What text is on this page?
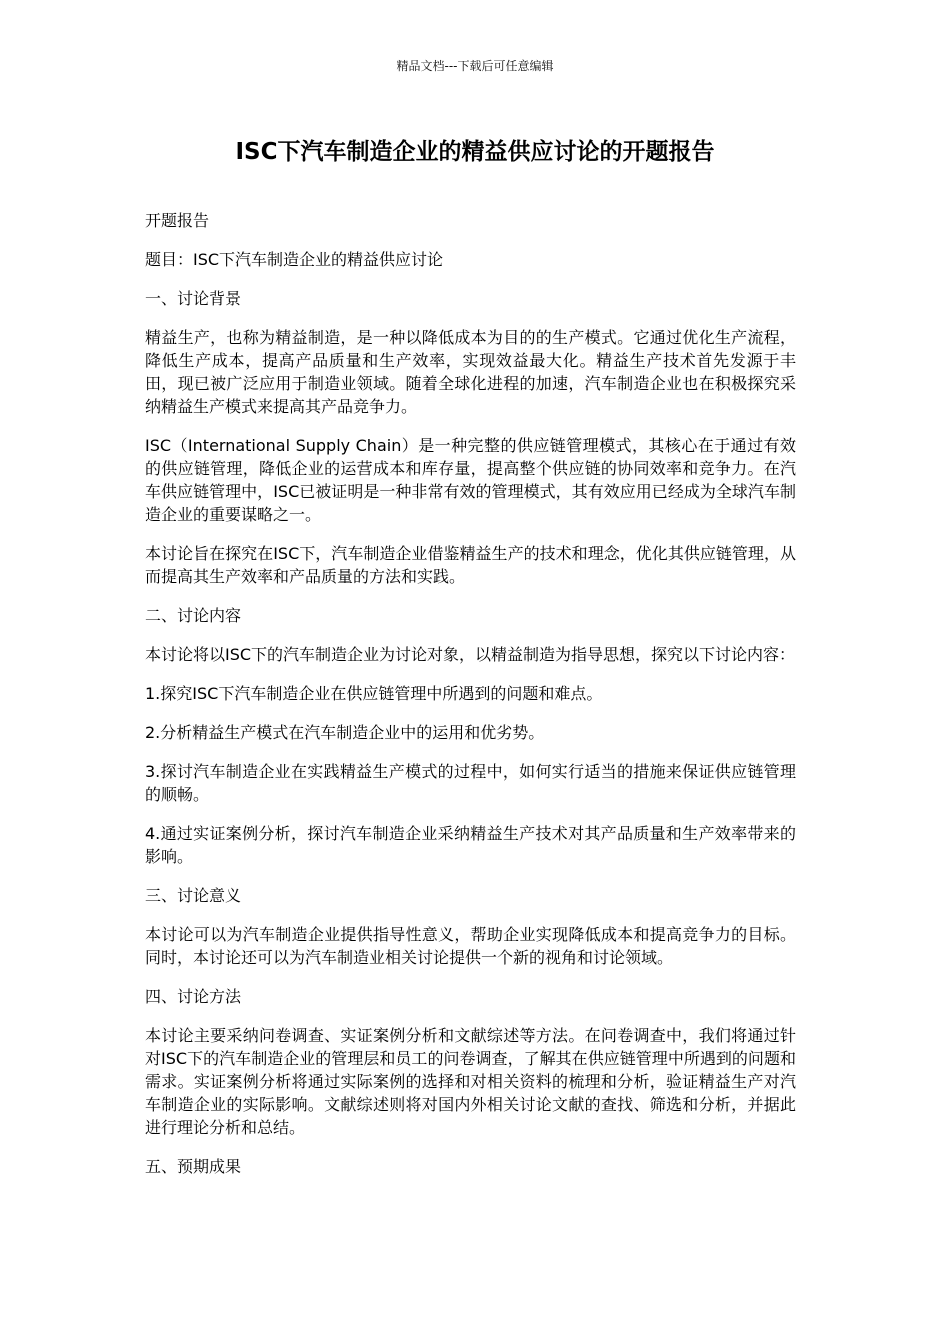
精品文档---下载后可任意编辑
ISC下汽车制造企业的精益供应讨论的开题报告

开题报告

题目：ISC下汽车制造企业的精益供应讨论

一、讨论背景

精益生产，也称为精益制造，是一种以降低成本为目的的生产模式。它通过优化生产流程，降低生产成本，提高产品质量和生产效率，实现效益最大化。精益生产技术首先发源于丰田，现已被广泛应用于制造业领域。随着全球化进程的加速，汽车制造企业也在积极探究采纳精益生产模式来提高其产品竞争力。

ISC（International Supply Chain）是一种完整的供应链管理模式，其核心在于通过有效的供应链管理，降低企业的运营成本和库存量，提高整个供应链的协同效率和竞争力。在汽车供应链管理中，ISC已被证明是一种非常有效的管理模式，其有效应用已经成为全球汽车制造企业的重要谋略之一。

本讨论旨在探究在ISC下，汽车制造企业借鉴精益生产的技术和理念，优化其供应链管理，从而提高其生产效率和产品质量的方法和实践。

二、讨论内容

本讨论将以ISC下的汽车制造企业为讨论对象，以精益制造为指导思想，探究以下讨论内容：

1.探究ISC下汽车制造企业在供应链管理中所遇到的问题和难点。

2.分析精益生产模式在汽车制造企业中的运用和优劣势。

3.探讨汽车制造企业在实践精益生产模式的过程中，如何实行适当的措施来保证供应链管理的顺畅。

4.通过实证案例分析，探讨汽车制造企业采纳精益生产技术对其产品质量和生产效率带来的影响。

三、讨论意义

本讨论可以为汽车制造企业提供指导性意义，帮助企业实现降低成本和提高竞争力的目标。同时，本讨论还可以为汽车制造业相关讨论提供一个新的视角和讨论领域。

四、讨论方法

本讨论主要采纳问卷调查、实证案例分析和文献综述等方法。在问卷调查中，我们将通过针对ISC下的汽车制造企业的管理层和员工的问卷调查，了解其在供应链管理中所遇到的问题和需求。实证案例分析将通过实际案例的选择和对相关资料的梳理和分析，验证精益生产对汽车制造企业的实际影响。文献综述则将对国内外相关讨论文献的查找、筛选和分析，并据此进行理论分析和总结。

五、预期成果
